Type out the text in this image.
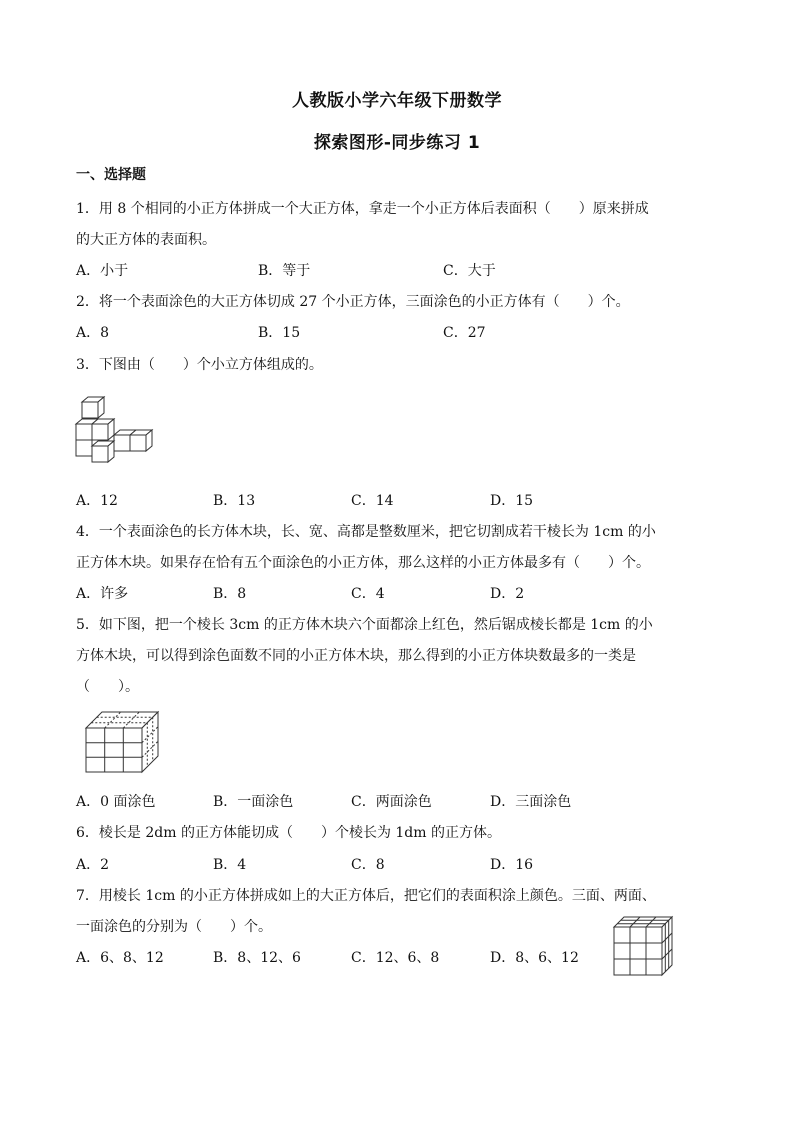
人教版小学六年级下册数学
探索图形-同步练习 1
一、选择题
1．用 8 个相同的小正方体拼成一个大正方体，拿走一个小正方体后表面积（　　）原来拼成
的大正方体的表面积。
A．小于	B．等于	C．大于
2．将一个表面涂色的大正方体切成 27 个小正方体，三面涂色的小正方体有（　　）个。
A．8	B．15	C．27
3．下图由（　　）个小立方体组成的。
A．12	B．13	C．14	D．15
4．一个表面涂色的长方体木块，长、宽、高都是整数厘米，把它切割成若干棱长为 1cm 的小
正方体木块。如果存在恰有五个面涂色的小正方体，那么这样的小正方体最多有（　　）个。
A．许多	B．8	C．4	D．2
5．如下图，把一个棱长 3cm 的正方体木块六个面都涂上红色，然后锯成棱长都是 1cm 的小
方体木块，可以得到涂色面数不同的小正方体木块，那么得到的小正方体块数最多的一类是
（　　）。
A．0 面涂色	B．一面涂色	C．两面涂色	D．三面涂色
6．棱长是 2dm 的正方体能切成（　　）个棱长为 1dm 的正方体。
A．2	B．4	C．8	D．16
7．用棱长 1cm 的小正方体拼成如上的大正方体后，把它们的表面积涂上颜色。三面、两面、
一面涂色的分别为（　　）个。
A．6、8、12	B．8、12、6	C．12、6、8	D．8、6、12
